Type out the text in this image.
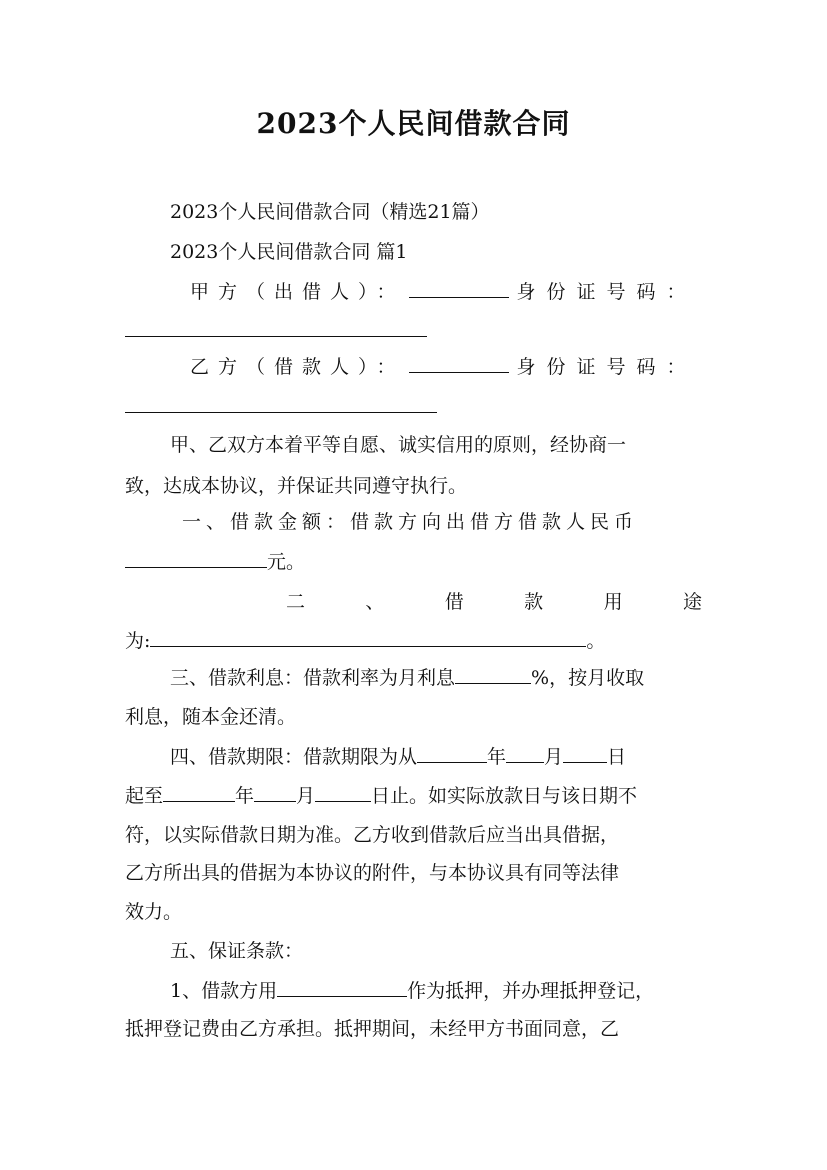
2023个人民间借款合同
2023个人民间借款合同（精选21篇）
2023个人民间借款合同 篇1
甲方（出借人）：	身份证号码：
乙方（借款人）：	身份证号码：
甲、乙双方本着平等自愿、诚实信用的原则，经协商一
致，达成本协议，并保证共同遵守执行。
一、借款金额：借款方向出借方借款人民币
元。
二	、	借	款	用	途
为:	。
三、借款利息：借款利率为月利息	%，按月收取
利息，随本金还清。
四、借款期限：借款期限为从	年 月 日
起至	年 月	日止。如实际放款日与该日期不
符，以实际借款日期为准。乙方收到借款后应当出具借据，
乙方所出具的借据为本协议的附件，与本协议具有同等法律
效力。
五、保证条款：
1、借款方用	作为抵押，并办理抵押登记，
抵押登记费由乙方承担。抵押期间，未经甲方书面同意，乙
